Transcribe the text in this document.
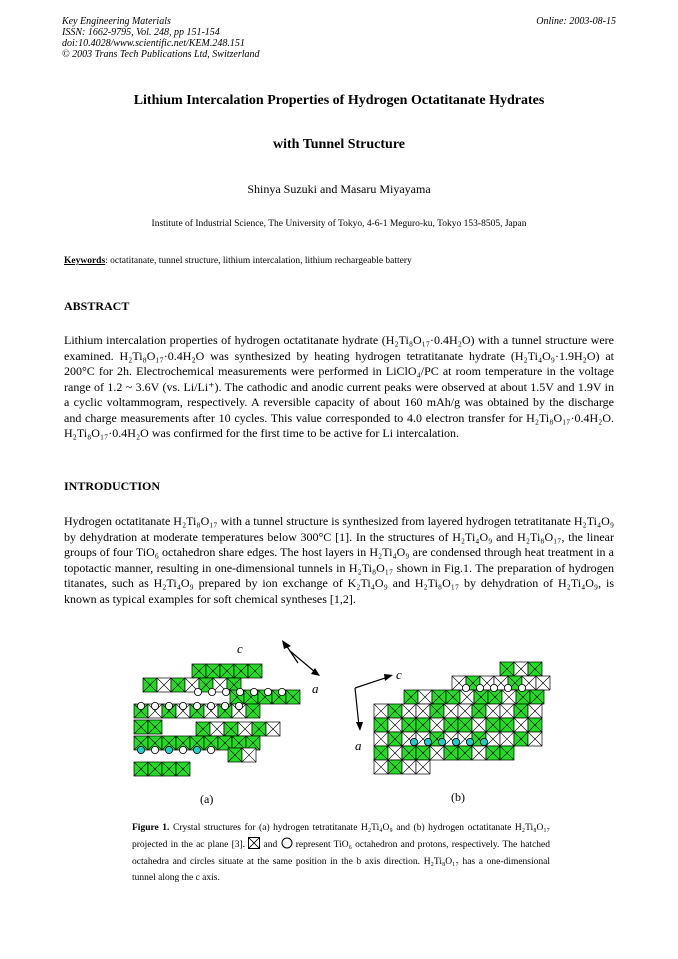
Key Engineering Materials
ISSN: 1662-9795, Vol. 248, pp 151-154
doi:10.4028/www.scientific.net/KEM.248.151
© 2003 Trans Tech Publications Ltd, Switzerland
Online: 2003-08-15
Lithium Intercalation Properties of Hydrogen Octatitanate Hydrates
with Tunnel Structure
Shinya Suzuki and Masaru Miyayama
Institute of Industrial Science, The University of Tokyo, 4-6-1 Meguro-ku, Tokyo 153-8505, Japan
Keywords: octatitanate, tunnel structure, lithium intercalation, lithium rechargeable battery
ABSTRACT
Lithium intercalation properties of hydrogen octatitanate hydrate (H₂Ti₈O₁₇·0.4H₂O) with a tunnel structure were examined. H₂Ti₈O₁₇·0.4H₂O was synthesized by heating hydrogen tetratitanate hydrate (H₂Ti₄O₉·1.9H₂O) at 200°C for 2h. Electrochemical measurements were performed in LiClO₄/PC at room temperature in the voltage range of 1.2 ~ 3.6V (vs. Li/Li⁺). The cathodic and anodic current peaks were observed at about 1.5V and 1.9V in a cyclic voltammogram, respectively. A reversible capacity of about 160 mAh/g was obtained by the discharge and charge measurements after 10 cycles. This value corresponded to 4.0 electron transfer for H₂Ti₈O₁₇·0.4H₂O. H₂Ti₈O₁₇·0.4H₂O was confirmed for the first time to be active for Li intercalation.
INTRODUCTION
Hydrogen octatitanate H₂Ti₈O₁₇ with a tunnel structure is synthesized from layered hydrogen tetratitanate H₂Ti₄O₉ by dehydration at moderate temperatures below 300°C [1]. In the structures of H₂Ti₄O₉ and H₂Ti₈O₁₇, the linear groups of four TiO₆ octahedron share edges. The host layers in H₂Ti₄O₉ are condensed through heat treatment in a topotactic manner, resulting in one-dimensional tunnels in H₂Ti₈O₁₇ shown in Fig.1. The preparation of hydrogen titanates, such as H₂Ti₄O₉ prepared by ion exchange of K₂Ti₄O₉ and H₂Ti₈O₁₇ by dehydration of H₂Ti₄O₉, is known as typical examples for soft chemical syntheses [1,2].
c
a
c
a
(a)	(b)
Figure 1. Crystal structures for (a) hydrogen tetratitanate H₂Ti₄O₉ and (b) hydrogen octatitanate H₂Ti₈O₁₇ projected in the ac plane [3]. and represent TiO₆ octahedron and protons, respectively. The hatched octahedra and circles situate at the same position in the b axis direction. H₂Ti₈O₁₇ has a one-dimensional tunnel along the c axis.
